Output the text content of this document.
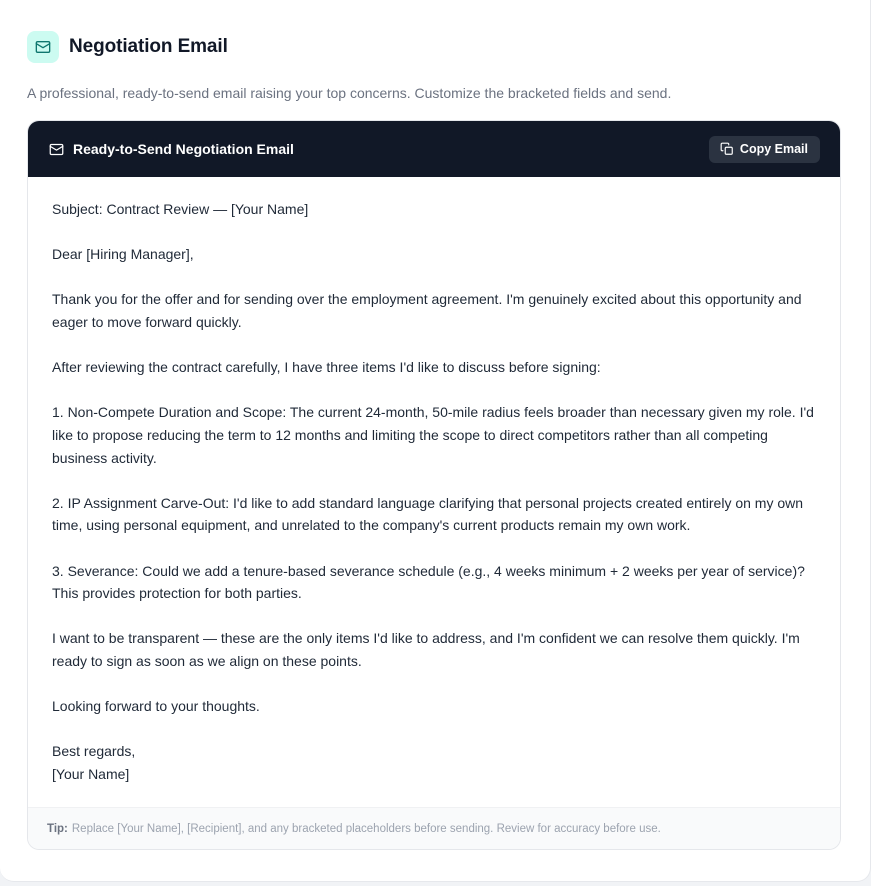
Negotiation Email
A professional, ready-to-send email raising your top concerns. Customize the bracketed fields and send.
Ready-to-Send Negotiation Email	Copy Email

Subject: Contract Review — [Your Name]

Dear [Hiring Manager],

Thank you for the offer and for sending over the employment agreement. I'm genuinely excited about this opportunity and eager to move forward quickly.

After reviewing the contract carefully, I have three items I'd like to discuss before signing:

1. Non-Compete Duration and Scope: The current 24-month, 50-mile radius feels broader than necessary given my role. I'd like to propose reducing the term to 12 months and limiting the scope to direct competitors rather than all competing business activity.

2. IP Assignment Carve-Out: I'd like to add standard language clarifying that personal projects created entirely on my own time, using personal equipment, and unrelated to the company's current products remain my own work.

3. Severance: Could we add a tenure-based severance schedule (e.g., 4 weeks minimum + 2 weeks per year of service)? This provides protection for both parties.

I want to be transparent — these are the only items I'd like to address, and I'm confident we can resolve them quickly. I'm ready to sign as soon as we align on these points.

Looking forward to your thoughts.

Best regards,
[Your Name]
Tip: Replace [Your Name], [Recipient], and any bracketed placeholders before sending. Review for accuracy before use.
